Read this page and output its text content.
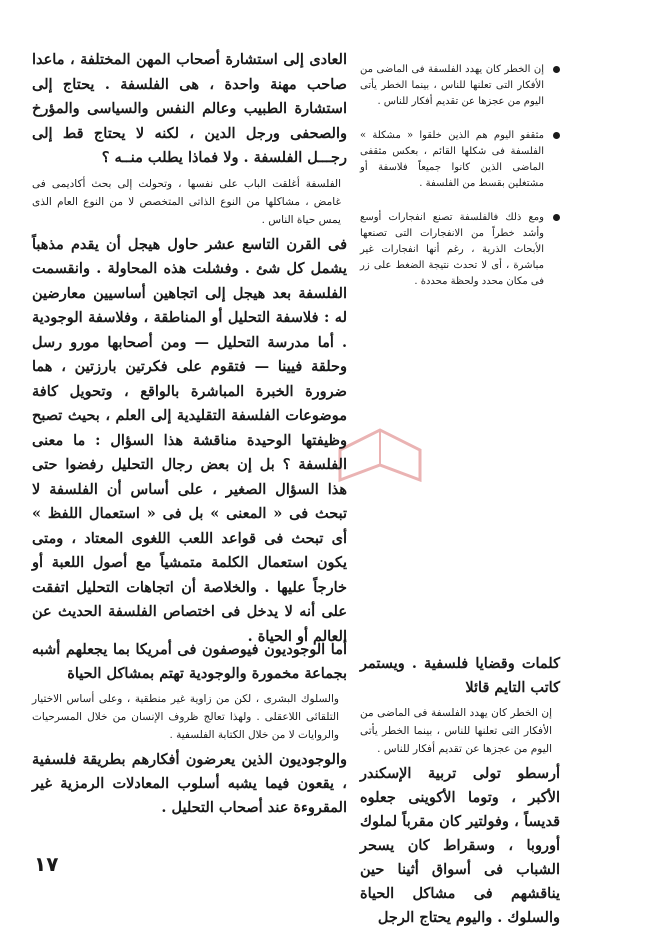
العادى إلى استشارة أصحاب المهن المختلفة ، ماعدا صاحب مهنة واحدة ، هى الفلسفة . يحتاج إلى استشارة الطبيب وعالم النفس والسياسى والمؤرخ والصحفى ورجل الدين ، لكنه لا يحتاج قط إلى رجـــل الفلسفة . ولا فماذا يطلب منــه ؟
الفلسفة أغلقت الباب على نفسها ، وتحولت إلى بحث أكاديمى فى غامض ، مشاكلها من النوع الذاتى المتخصص لا من النوع العام الذى يمس حياة الناس .
فى القرن التاسع عشر حاول هيجل أن يقدم مذهباً يشمل كل شئ . وفشلت هذه المحاولة . وانقسمت الفلسفة بعد هيجل إلى اتجاهين أساسيين معارضين له : فلاسفة التحليل أو المناطقة ، وفلاسفة الوجودية . أما مدرسة التحليل — ومن أصحابها مورو رسل وحلقة فيينا — فتقوم على فكرتين بارزتين ، هما ضرورة الخبرة المباشرة بالواقع ، وتحويل كافة موضوعات الفلسفة التقليدية إلى العلم ، بحيث تصبح وظيفتها الوحيدة مناقشة هذا السؤال : ما معنى الفلسفة ؟ بل إن بعض رجال التحليل رفضوا حتى هذا السؤال الصغير ، على أساس أن الفلسفة لا تبحث فى « المعنى » بل فى « استعمال اللفظ » أى تبحث فى قواعد اللعب اللغوى المعتاد ، ومتى يكون استعمال الكلمة متمشياً مع أصول اللعبة أو خارجاً عليها . والخلاصة أن اتجاهات التحليل اتفقت على أنه لا يدخل فى اختصاص الفلسفة الحديث عن العالم أو الحياة .
إن الخطر كان يهدد الفلسفة فى الماضى من الأفكار التى تعلنها للناس ، بينما الخطر يأتى اليوم من عجزها عن تقديم أفكار للناس .
مثقفو اليوم هم الذين خلقوا « مشكلة » الفلسفة فى شكلها القائم ، بعكس مثقفى الماضى الذين كانوا جميعاً فلاسفة أو مشتغلين بقسط من الفلسفة .
ومع ذلك فالفلسفة تصنع انفجارات أوسع وأشد خطراً من الانفجارات التى تصنعها الأبحاث الذرية ، رغم أنها انفجارات غير مباشرة ، أى لا تحدث نتيجة الضغط على زر فى مكان محدد ولحظة محددة .
أما الوجوديون فيوصفون فى أمريكا بما يجعلهم أشبه بجماعة مخمورة والوجودية تهتم بمشاكل الحياة
والسلوك البشرى ، لكن من زاوية غير منطقية ، وعلى أساس الاختيار التلقائى اللاعقلى . ولهذا تعالج ظروف الإنسان من خلال المسرحيات والروايات لا من خلال الكتابة الفلسفية .
والوجوديون الذين يعرضون أفكارهم بطريقة فلسفية ، يقعون فيما يشبه أسلوب المعادلات الرمزية غير المقروءة عند أصحاب التحليل .
كلمات وقضايا فلسفية . ويستمر كاتب التايم قائلا
إن الخطر كان يهدد الفلسفة فى الماضى من الأفكار التى تعلنها للناس ، بينما الخطر يأتى اليوم من عجزها عن تقديم أفكار للناس .
أرسطو تولى تربية الإسكندر الأكبر ، وتوما الأكوينى جعلوه قديساً ، وفولتير كان مقرباً لملوك أوروبا ، وسقراط كان يسحر الشباب فى أسواق أثينا حين يناقشهم فى مشاكل الحياة والسلوك . واليوم يحتاج الرجل
١٧
